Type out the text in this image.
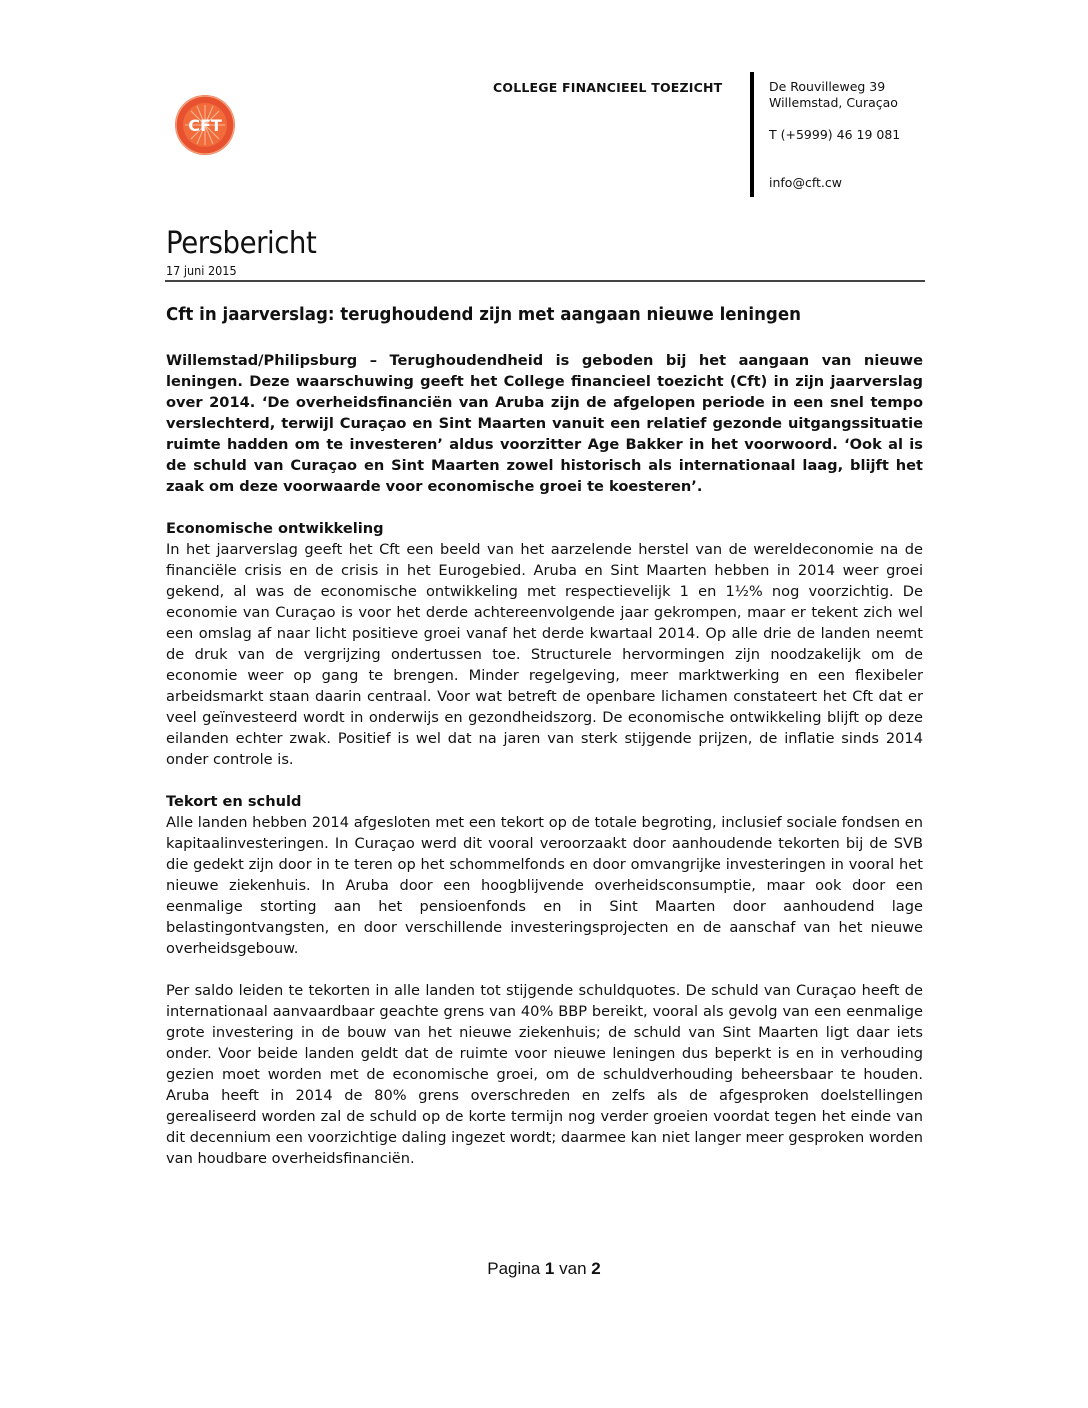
CFT
COLLEGE FINANCIEEL TOEZICHT	De Rouvilleweg 39
Willemstad, Curaçao
T (+5999) 46 19 081
info@cft.cw
Persbericht
17 juni 2015
Cft in jaarverslag: terughoudend zijn met aangaan nieuwe leningen

Willemstad/Philipsburg – Terughoudendheid is geboden bij het aangaan van nieuwe leningen. Deze waarschuwing geeft het College financieel toezicht (Cft) in zijn jaarverslag over 2014. ‘De overheidsfinanciën van Aruba zijn de afgelopen periode in een snel tempo verslechterd, terwijl Curaçao en Sint Maarten vanuit een relatief gezonde uitgangssituatie ruimte hadden om te investeren’ aldus voorzitter Age Bakker in het voorwoord. ‘Ook al is de schuld van Curaçao en Sint Maarten zowel historisch als internationaal laag, blijft het zaak om deze voorwaarde voor economische groei te koesteren’.

Economische ontwikkeling

In het jaarverslag geeft het Cft een beeld van het aarzelende herstel van de wereldeconomie na de financiële crisis en de crisis in het Eurogebied. Aruba en Sint Maarten hebben in 2014 weer groei gekend, al was de economische ontwikkeling met respectievelijk 1 en 1½% nog voorzichtig. De economie van Curaçao is voor het derde achtereenvolgende jaar gekrompen, maar er tekent zich wel een omslag af naar licht positieve groei vanaf het derde kwartaal 2014. Op alle drie de landen neemt de druk van de vergrijzing ondertussen toe. Structurele hervormingen zijn noodzakelijk om de economie weer op gang te brengen. Minder regelgeving, meer marktwerking en een flexibeler arbeidsmarkt staan daarin centraal. Voor wat betreft de openbare lichamen constateert het Cft dat er veel geïnvesteerd wordt in onderwijs en gezondheidszorg. De economische ontwikkeling blijft op deze eilanden echter zwak. Positief is wel dat na jaren van sterk stijgende prijzen, de inflatie sinds 2014 onder controle is.

Tekort en schuld

Alle landen hebben 2014 afgesloten met een tekort op de totale begroting, inclusief sociale fondsen en kapitaalinvesteringen. In Curaçao werd dit vooral veroorzaakt door aanhoudende tekorten bij de SVB die gedekt zijn door in te teren op het schommelfonds en door omvangrijke investeringen in vooral het nieuwe ziekenhuis. In Aruba door een hoogblijvende overheidsconsumptie, maar ook door een eenmalige storting aan het pensioenfonds en in Sint Maarten door aanhoudend lage belastingontvangsten, en door verschillende investeringsprojecten en de aanschaf van het nieuwe overheidsgebouw.

Per saldo leiden te tekorten in alle landen tot stijgende schuldquotes. De schuld van Curaçao heeft de internationaal aanvaardbaar geachte grens van 40% BBP bereikt, vooral als gevolg van een eenmalige grote investering in de bouw van het nieuwe ziekenhuis; de schuld van Sint Maarten ligt daar iets onder. Voor beide landen geldt dat de ruimte voor nieuwe leningen dus beperkt is en in verhouding gezien moet worden met de economische groei, om de schuldverhouding beheersbaar te houden. Aruba heeft in 2014 de 80% grens overschreden en zelfs als de afgesproken doelstellingen gerealiseerd worden zal de schuld op de korte termijn nog verder groeien voordat tegen het einde van dit decennium een voorzichtige daling ingezet wordt; daarmee kan niet langer meer gesproken worden van houdbare overheidsfinanciën.

Pagina 1 van 2
